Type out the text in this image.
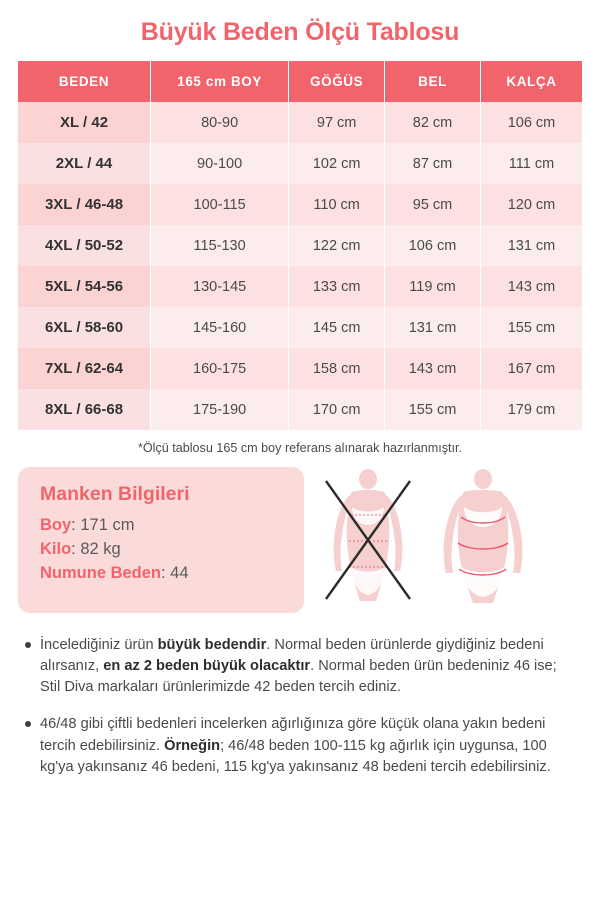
Büyük Beden Ölçü Tablosu
BEDEN	165 cm BOY	GÖĞÜS	BEL	KALÇA
XL / 42	80-90	97 cm	82 cm	106 cm
2XL / 44	90-100	102 cm	87 cm	111 cm
3XL / 46-48	100-115	110 cm	95 cm	120 cm
4XL / 50-52	115-130	122 cm	106 cm	131 cm
5XL / 54-56	130-145	133 cm	119 cm	143 cm
6XL / 58-60	145-160	145 cm	131 cm	155 cm
7XL / 62-64	160-175	158 cm	143 cm	167 cm
8XL / 66-68	175-190	170 cm	155 cm	179 cm
*Ölçü tablosu 165 cm boy referans alınarak hazırlanmıştır.
Manken Bilgileri
Boy: 171 cm
Kilo: 82 kg
Numune Beden: 44
İncelediğiniz ürün büyük bedendir. Normal beden ürünlerde giydiğiniz bedeni alırsanız, en az 2 beden büyük olacaktır. Normal beden ürün bedeniniz 46 ise; Stil Diva markaları ürünlerimizde 42 beden tercih ediniz.
46/48 gibi çiftli bedenleri incelerken ağırlığınıza göre küçük olana yakın bedeni tercih edebilirsiniz. Örneğin; 46/48 beden 100-115 kg ağırlık için uygunsa, 100 kg'ya yakınsanız 46 bedeni, 115 kg'ya yakınsanız 48 bedeni tercih edebilirsiniz.
